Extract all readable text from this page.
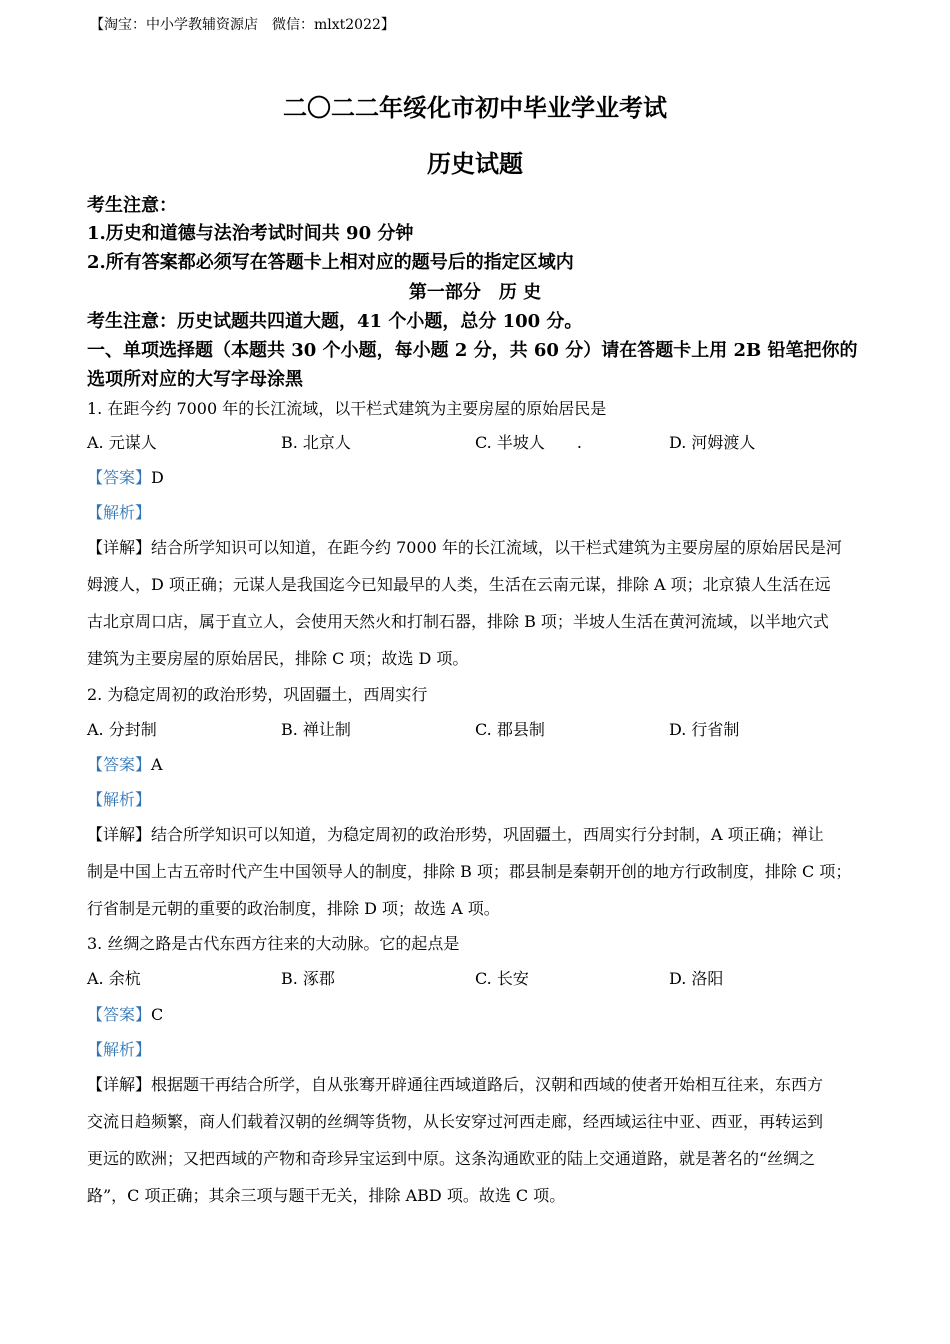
【淘宝：中小学教辅资源店　微信：mlxt2022】
二〇二二年绥化市初中毕业学业考试
历史试题
考生注意：
1.历史和道德与法治考试时间共 90 分钟
2.所有答案都必须写在答题卡上相对应的题号后的指定区域内
第一部分　历 史
考生注意：历史试题共四道大题，41 个小题，总分 100 分。
一、单项选择题（本题共 30 个小题，每小题 2 分，共 60 分）请在答题卡上用 2B 铅笔把你的
选项所对应的大写字母涂黑
1. 在距今约 7000 年的长江流域，以干栏式建筑为主要房屋的原始居民是
A. 元谋人	B. 北京人	C. 半坡人　　.	D. 河姆渡人
【答案】D
【解析】
【详解】结合所学知识可以知道，在距今约 7000 年的长江流域，以干栏式建筑为主要房屋的原始居民是河
姆渡人，D 项正确；元谋人是我国迄今已知最早的人类，生活在云南元谋，排除 A 项；北京猿人生活在远
古北京周口店，属于直立人，会使用天然火和打制石器，排除 B 项；半坡人生活在黄河流域，以半地穴式
建筑为主要房屋的原始居民，排除 C 项；故选 D 项。
2. 为稳定周初的政治形势，巩固疆土，西周实行
A. 分封制	B. 禅让制	C. 郡县制	D. 行省制
【答案】A
【解析】
【详解】结合所学知识可以知道，为稳定周初的政治形势，巩固疆土，西周实行分封制，A 项正确；禅让
制是中国上古五帝时代产生中国领导人的制度，排除 B 项；郡县制是秦朝开创的地方行政制度，排除 C 项；
行省制是元朝的重要的政治制度，排除 D 项；故选 A 项。
3. 丝绸之路是古代东西方往来的大动脉。它的起点是
A. 余杭	B. 涿郡	C. 长安	D. 洛阳
【答案】C
【解析】
【详解】根据题干再结合所学，自从张骞开辟通往西域道路后，汉朝和西域的使者开始相互往来，东西方
交流日趋频繁，商人们载着汉朝的丝绸等货物，从长安穿过河西走廊，经西域运往中亚、西亚，再转运到
更远的欧洲；又把西域的产物和奇珍异宝运到中原。这条沟通欧亚的陆上交通道路，就是著名的“丝绸之
路”，C 项正确；其余三项与题干无关，排除 ABD 项。故选 C 项。
